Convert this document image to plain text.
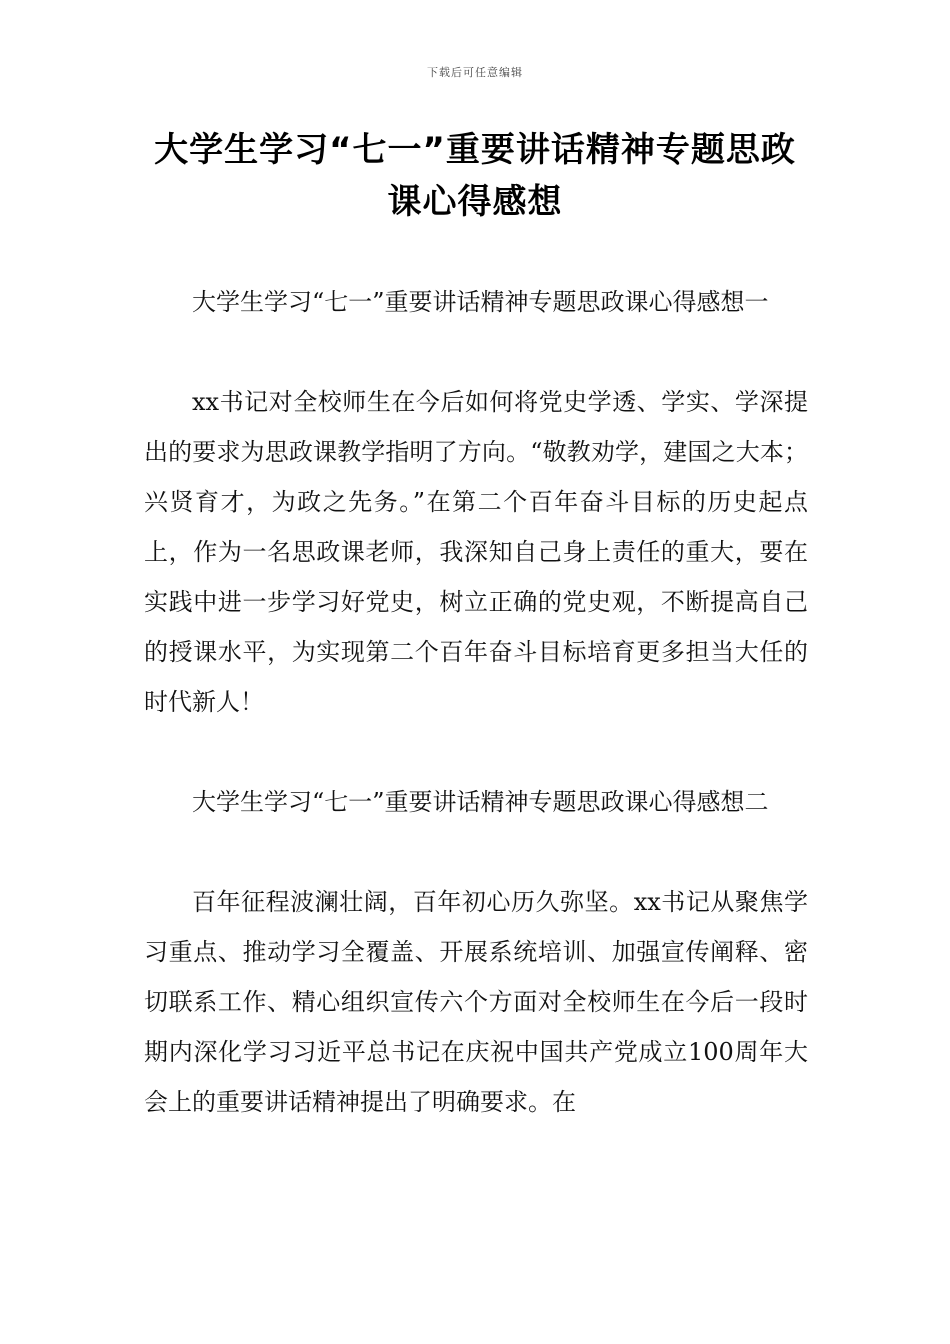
下载后可任意编辑
大学生学习“七一”重要讲话精神专题思政课心得感想

大学生学习“七一”重要讲话精神专题思政课心得感想一

xx书记对全校师生在今后如何将党史学透、学实、学深提出的要求为思政课教学指明了方向。“敬教劝学，建国之大本；兴贤育才，为政之先务。”在第二个百年奋斗目标的历史起点上，作为一名思政课老师，我深知自己身上责任的重大，要在实践中进一步学习好党史，树立正确的党史观，不断提高自己的授课水平，为实现第二个百年奋斗目标培育更多担当大任的时代新人！

大学生学习“七一”重要讲话精神专题思政课心得感想二

百年征程波澜壮阔，百年初心历久弥坚。xx书记从聚焦学习重点、推动学习全覆盖、开展系统培训、加强宣传阐释、密切联系工作、精心组织宣传六个方面对全校师生在今后一段时期内深化学习习近平总书记在庆祝中国共产党成立100周年大会上的重要讲话精神提出了明确要求。在
